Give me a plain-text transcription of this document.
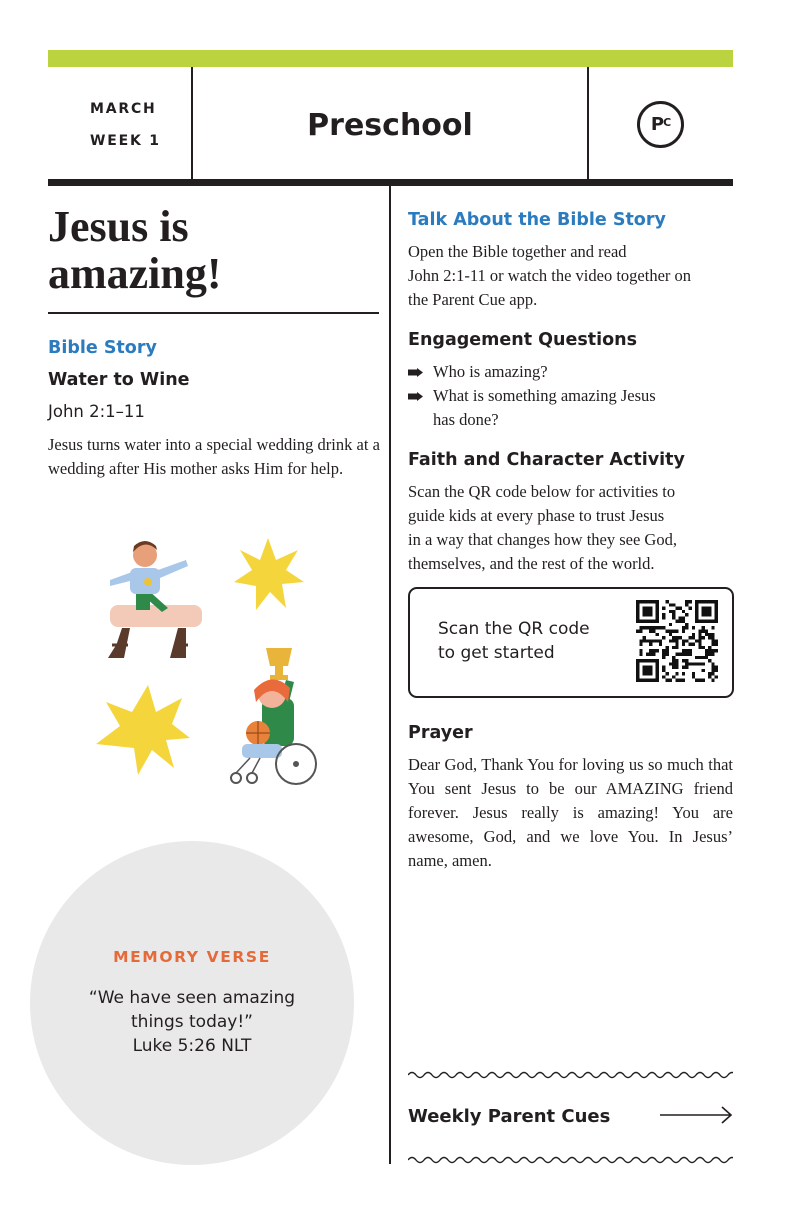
MARCH
WEEK 1	Preschool	$P^C$
Jesus is
amazing!
Bible Story
Water to Wine
John 2:1–11
Jesus turns water into a special wedding drink at a wedding after His mother asks Him for help.
MEMORY VERSE
“We have seen amazing
things today!”
Luke 5:26 NLT
Talk About the Bible Story
Open the Bible together and read
John 2:1-11 or watch the video together on
the Parent Cue app.
Engagement Questions
Who is amazing?
What is something amazing Jesus
has done?
Faith and Character Activity
Scan the QR code below for activities to
guide kids at every phase to trust Jesus
in a way that changes how they see God,
themselves, and the rest of the world.
Scan the QR code
to get started
Prayer
Dear God, Thank You for loving us so much that You sent Jesus to be our AMAZING friend forever. Jesus really is amazing! You are awesome, God, and we love You. In Jesus’ name, amen.
Weekly Parent Cues
